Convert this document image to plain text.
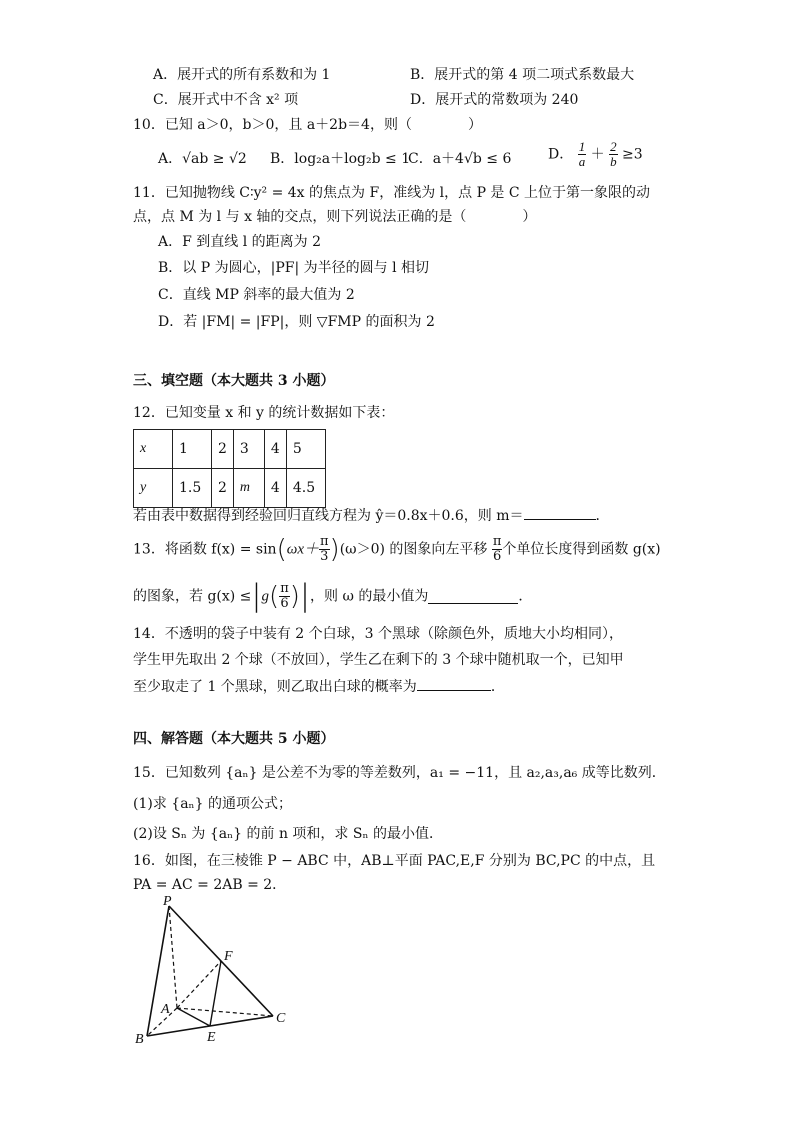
A．展开式的所有系数和为 1	B．展开式的第 4 项二项式系数最大
C．展开式中不含 x² 项	D．展开式的常数项为 240
10．已知 a＞0，b＞0，且 a＋2b＝4，则（　　　　）
A．√ab ≥ √2 B．log₂a＋log₂b ≤ 1
C．a＋4√b ≤ 6	D． $\frac{1}{a} + \frac{2}{b} \ge 3$
11．已知抛物线 C∶y² = 4x 的焦点为 F，准线为 l，点 P 是 C 上位于第一象限的动
点，点 M 为 l 与 x 轴的交点，则下列说法正确的是（　　　　）
A．F 到直线 l 的距离为 2
B．以 P 为圆心，|PF| 为半径的圆与 l 相切
C．直线 MP 斜率的最大值为 2
D．若 |FM| = |FP|，则 ▽FMP 的面积为 2
三、填空题（本大题共 3 小题）
12．已知变量 x 和 y 的统计数据如下表：
x	1	2	3	4	5
y	1.5	2	m	4	4.5
若由表中数据得到经验回归直线方程为 ŷ＝0.8x＋0.6，则 m＝	．
13．将函数 $f(x) = \sin(\omega x+ \frac{\pi}{3} )(\omega>0)$ 的图象向左平移 $\frac{\pi}{6}$ 个单位长度得到函数 g(x)
的图象，若 $g(x) \le|g( \frac{\pi}{6}$ )|，则 ω 的最小值为	．
14．不透明的袋子中装有 2 个白球，3 个黑球（除颜色外，质地大小均相同），
学生甲先取出 2 个球（不放回），学生乙在剩下的 3 个球中随机取一个，已知甲
至少取走了 1 个黑球，则乙取出白球的概率为	．
四、解答题（本大题共 5 小题）
15．已知数列 {aₙ} 是公差不为零的等差数列，a₁ = −11，且 a₂,a₃,a₆ 成等比数列．
(1)求 {aₙ} 的通项公式；
(2)设 Sₙ 为 {aₙ} 的前 n 项和，求 Sₙ 的最小值．
16．如图，在三棱锥 P − ABC 中，AB⊥平面 PAC,E,F 分别为 BC,PC 的中点，且
PA = AC = 2AB = 2．
P
A
B
C
E
F
